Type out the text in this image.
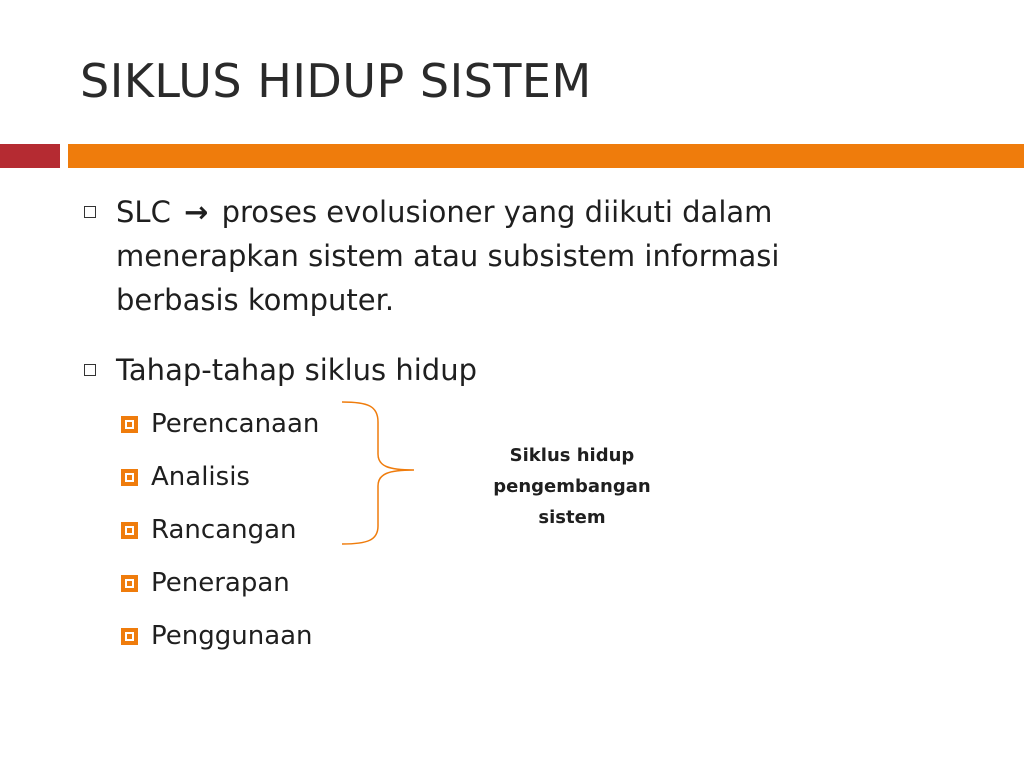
SIKLUS HIDUP SISTEM
SLC → proses evolusioner yang diikuti dalam menerapkan sistem atau subsistem informasi berbasis komputer.
Tahap-tahap siklus hidup
Perencanaan
Analisis
Rancangan
Penerapan
Penggunaan
Siklus hidup
pengembangan
sistem
